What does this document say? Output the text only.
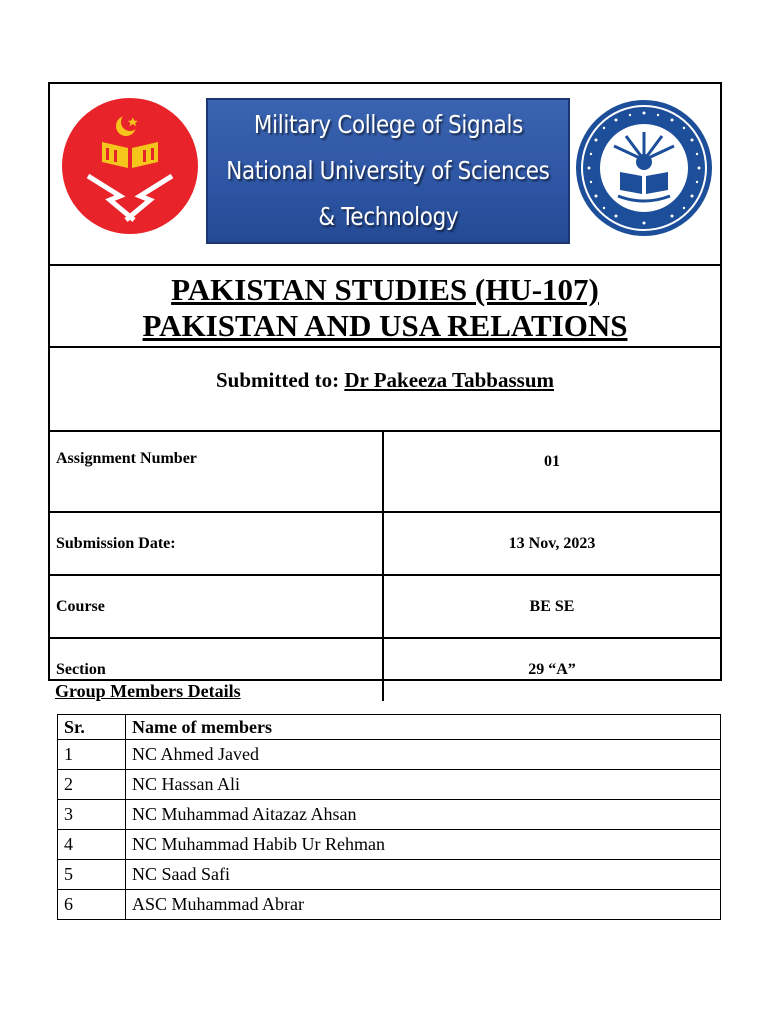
Military College of Signals
National University of Sciences
& Technology
PAKISTAN STUDIES (HU-107)
PAKISTAN AND USA RELATIONS
Submitted to: Dr Pakeeza Tabbassum
Assignment Number	01
Submission Date:	13 Nov, 2023
Course	BE SE
Section	29 “A”
Group Members Details
Sr.	Name of members
1	NC Ahmed Javed
2	NC Hassan Ali
3	NC Muhammad Aitazaz Ahsan
4	NC Muhammad Habib Ur Rehman
5	NC Saad Safi
6	ASC Muhammad Abrar
